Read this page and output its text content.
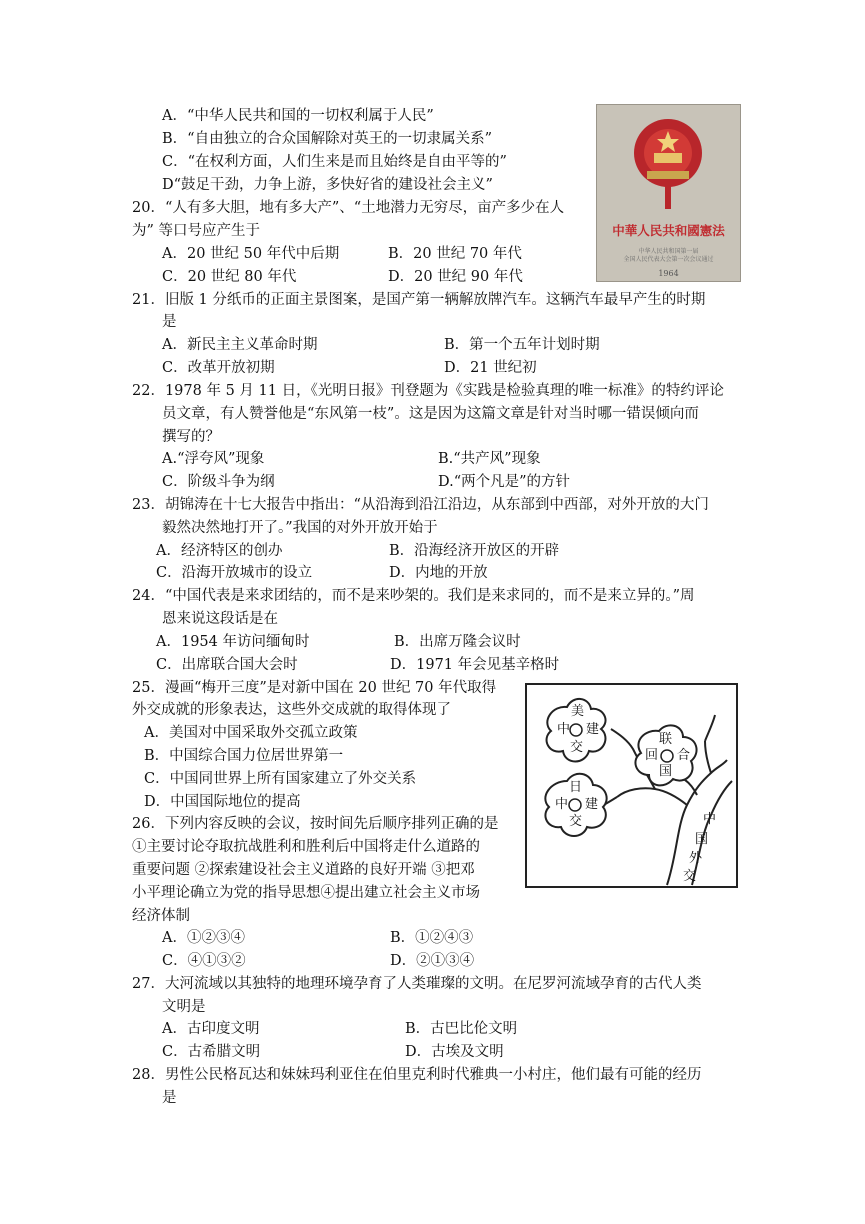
A．“中华人民共和国的一切权利属于人民”
B．“自由独立的合众国解除对英王的一切隶属关系”
C．“在权利方面，人们生来是而且始终是自由平等的”
D“鼓足干劲，力争上游，多快好省的建设社会主义”
20．“人有多大胆，地有多大产”、“土地潜力无穷尽，亩产多少在人
为” 等口号应产生于
A．20 世纪 50 年代中后期	B．20 世纪 70 年代
C．20 世纪 80 年代	D．20 世纪 90 年代
21．旧版 1 分纸币的正面主景图案，是国产第一辆解放牌汽车。这辆汽车最早产生的时期
是
A．新民主主义革命时期	B．第一个五年计划时期
C．改革开放初期	D．21 世纪初
22．1978 年 5 月 11 日，《光明日报》刊登题为《实践是检验真理的唯一标准》的特约评论
员文章，有人赞誉他是“东风第一枝”。这是因为这篇文章是针对当时哪一错误倾向而
撰写的？
A.“浮夸风”现象	B.“共产风”现象
C．阶级斗争为纲	D.“两个凡是”的方针
23．胡锦涛在十七大报告中指出：“从沿海到沿江沿边，从东部到中西部，对外开放的大门
毅然决然地打开了。”我国的对外开放开始于
A．经济特区的创办	B．沿海经济开放区的开辟
C．沿海开放城市的设立	D．内地的开放
24．“中国代表是来求团结的，而不是来吵架的。我们是来求同的，而不是来立异的。”周
恩来说这段话是在
A．1954 年访问缅甸时	B．出席万隆会议时
C．出席联合国大会时	D．1971 年会见基辛格时
25．漫画“梅开三度”是对新中国在 20 世纪 70 年代取得
外交成就的形象表达，这些外交成就的取得体现了
A．美国对中国采取外交孤立政策
B．中国综合国力位居世界第一
C．中国同世界上所有国家建立了外交关系
D．中国国际地位的提高
26．下列内容反映的会议，按时间先后顺序排列正确的是
①主要讨论夺取抗战胜利和胜利后中国将走什么道路的
重要问题 ②探索建设社会主义道路的良好开端 ③把邓
小平理论确立为党的指导思想④提出建立社会主义市场
经济体制
A．①②③④	B．①②④③
C．④①③②	D．②①③④
27．大河流域以其独特的地理环境孕育了人类璀璨的文明。在尼罗河流域孕育的古代人类
文明是
A．古印度文明	B．古巴比伦文明
C．古希腊文明	D．古埃及文明
28．男性公民格瓦达和妹妹玛利亚住在伯里克利时代雅典一小村庄，他们最有可能的经历
是
中華人民共和國憲法
中华人民共和国第一届
全国人民代表大会第一次会议通过
1964
美
中 建
交
联
回 合
国
日
中 建
交	中
国
外
交
